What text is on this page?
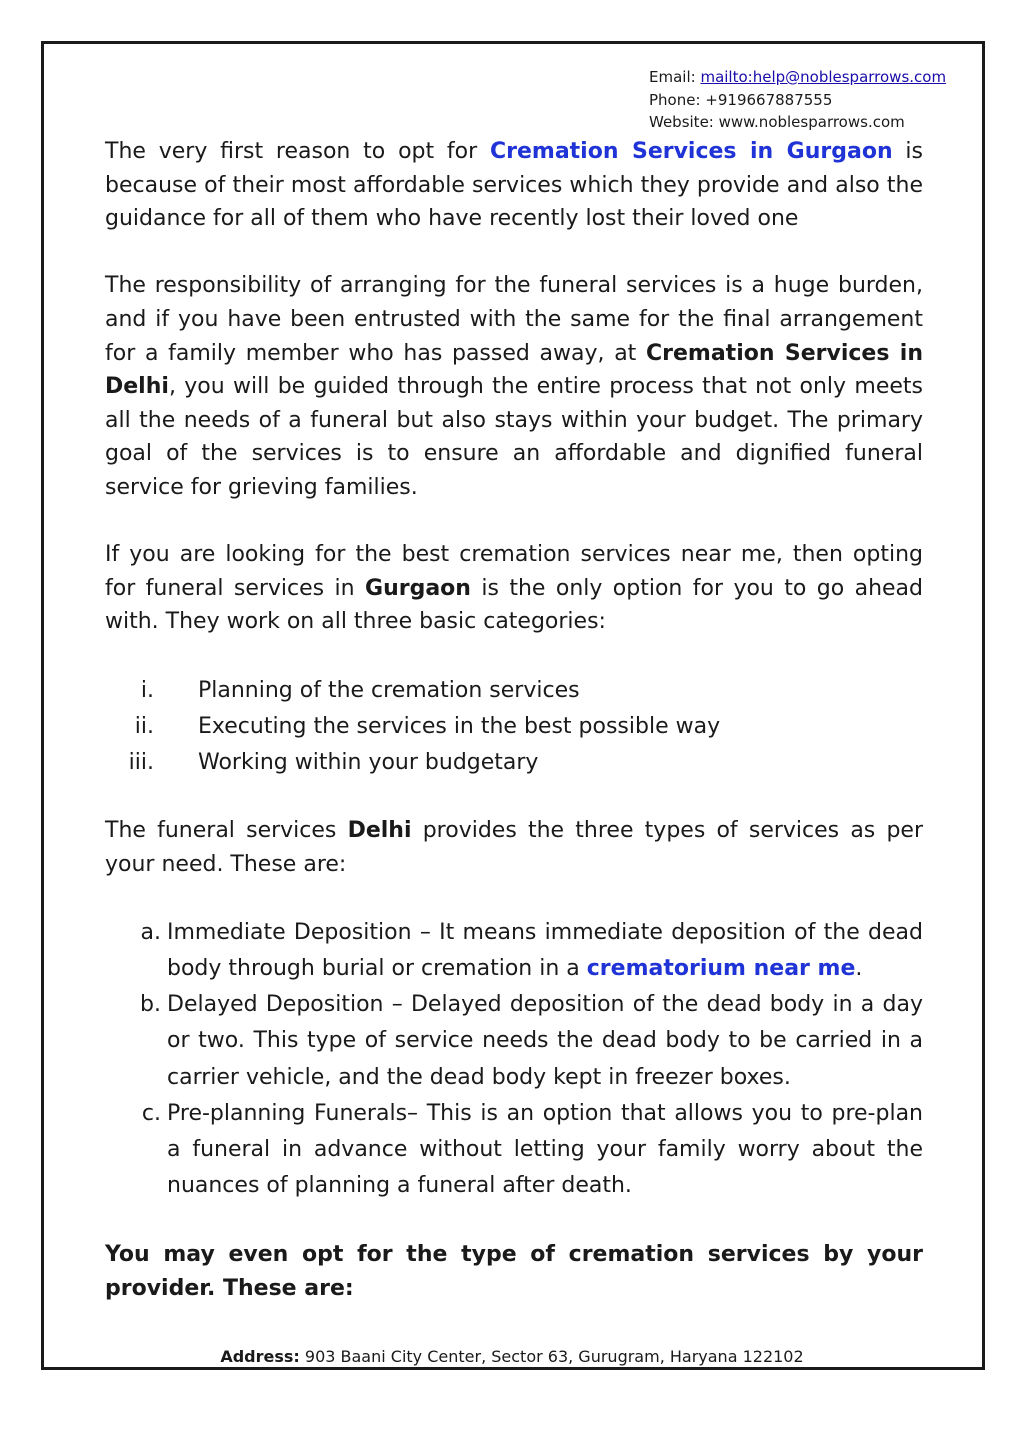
Email: mailto:help@noblesparrows.com
Phone: +919667887555
Website: www.noblesparrows.com

The very first reason to opt for Cremation Services in Gurgaon is because of their most affordable services which they provide and also the guidance for all of them who have recently lost their loved one

The responsibility of arranging for the funeral services is a huge burden, and if you have been entrusted with the same for the final arrangement for a family member who has passed away, at Cremation Services in Delhi, you will be guided through the entire process that not only meets all the needs of a funeral but also stays within your budget. The primary goal of the services is to ensure an affordable and dignified funeral service for grieving families.

If you are looking for the best cremation services near me, then opting for funeral services in Gurgaon is the only option for you to go ahead with. They work on all three basic categories:

i.	Planning of the cremation services
ii.	Executing the services in the best possible way
iii.	Working within your budgetary

The funeral services Delhi provides the three types of services as per your need. These are:

a. Immediate Deposition – It means immediate deposition of the dead body through burial or cremation in a crematorium near me.
b. Delayed Deposition – Delayed deposition of the dead body in a day or two. This type of service needs the dead body to be carried in a carrier vehicle, and the dead body kept in freezer boxes.
c. Pre-planning Funerals– This is an option that allows you to pre-plan a funeral in advance without letting your family worry about the nuances of planning a funeral after death.

You may even opt for the type of cremation services by your provider. These are:

Address: 903 Baani City Center, Sector 63, Gurugram, Haryana 122102
